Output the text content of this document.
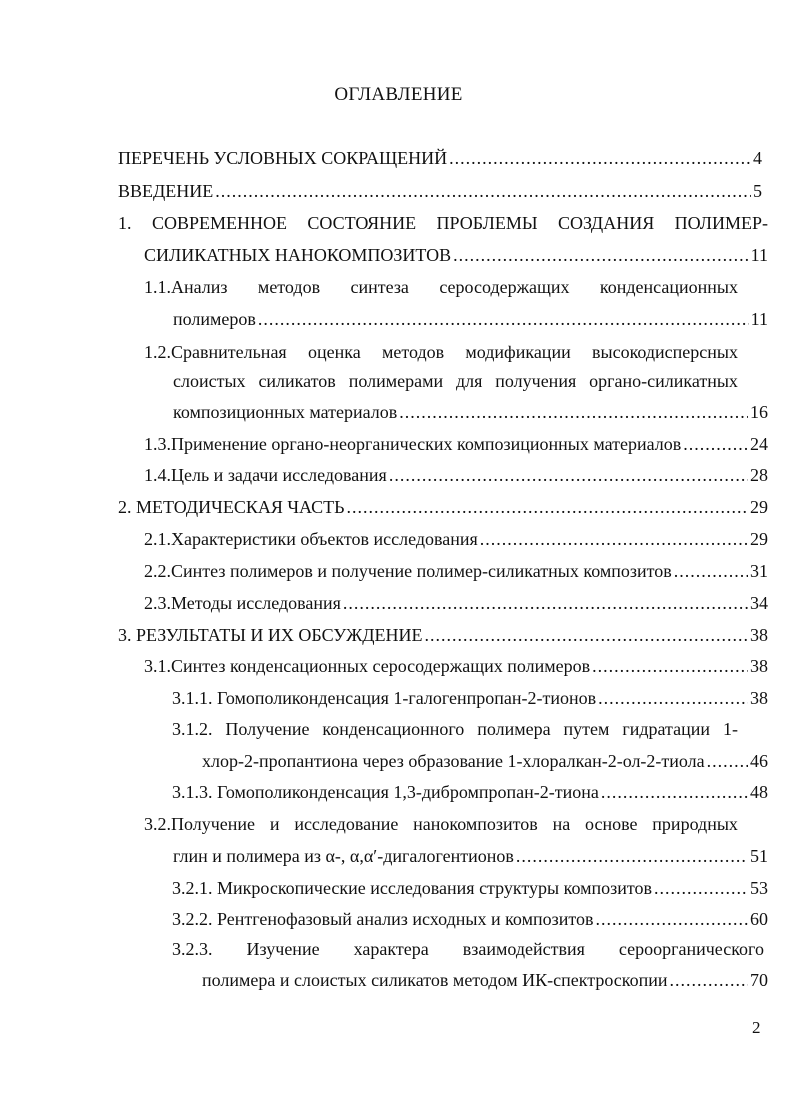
ОГЛАВЛЕНИЕ
ПЕРЕЧЕНЬ УСЛОВНЫХ СОКРАЩЕНИЙ .....	4
ВВЕДЕНИЕ .....	5
1. СОВРЕМЕННОЕ СОСТОЯНИЕ ПРОБЛЕМЫ СОЗДАНИЯ ПОЛИМЕР-
СИЛИКАТНЫХ НАНОКОМПОЗИТОВ .....	11
1.1.Анализ методов синтеза серосодержащих конденсационных
полимеров .....	11
1.2.Сравнительная оценка методов модификации высокодисперсных
слоистых силикатов полимерами для получения органо-силикатных
композиционных материалов .....	16
1.3.Применение органо-неорганических композиционных материалов .....	24
1.4.Цель и задачи исследования .....	28
2. МЕТОДИЧЕСКАЯ ЧАСТЬ .....	29
2.1.Характеристики объектов исследования .....	29
2.2.Синтез полимеров и получение полимер-силикатных композитов .....	31
2.3.Методы исследования .....	34
3. РЕЗУЛЬТАТЫ И ИХ ОБСУЖДЕНИЕ .....	38
3.1.Синтез конденсационных серосодержащих полимеров .....	38
3.1.1. Гомополиконденсация 1-галогенпропан-2-тионов .....	38
3.1.2. Получение конденсационного полимера путем гидратации 1-
хлор-2-пропантиона через образование 1-хлоралкан-2-ол-2-тиола .....	46
3.1.3. Гомополиконденсация 1,3-дибромпропан-2-тиона .....	48
3.2.Получение и исследование нанокомпозитов на основе природных
глин и полимера из α-, α,α′-дигалогентионов .....	51
3.2.1. Микроскопические исследования структуры композитов .....	53
3.2.2. Рентгенофазовый анализ исходных и композитов .....	60
3.2.3. Изучение характера взаимодействия сероорганического
полимера и слоистых силикатов методом ИК-спектроскопии .....	70
2
